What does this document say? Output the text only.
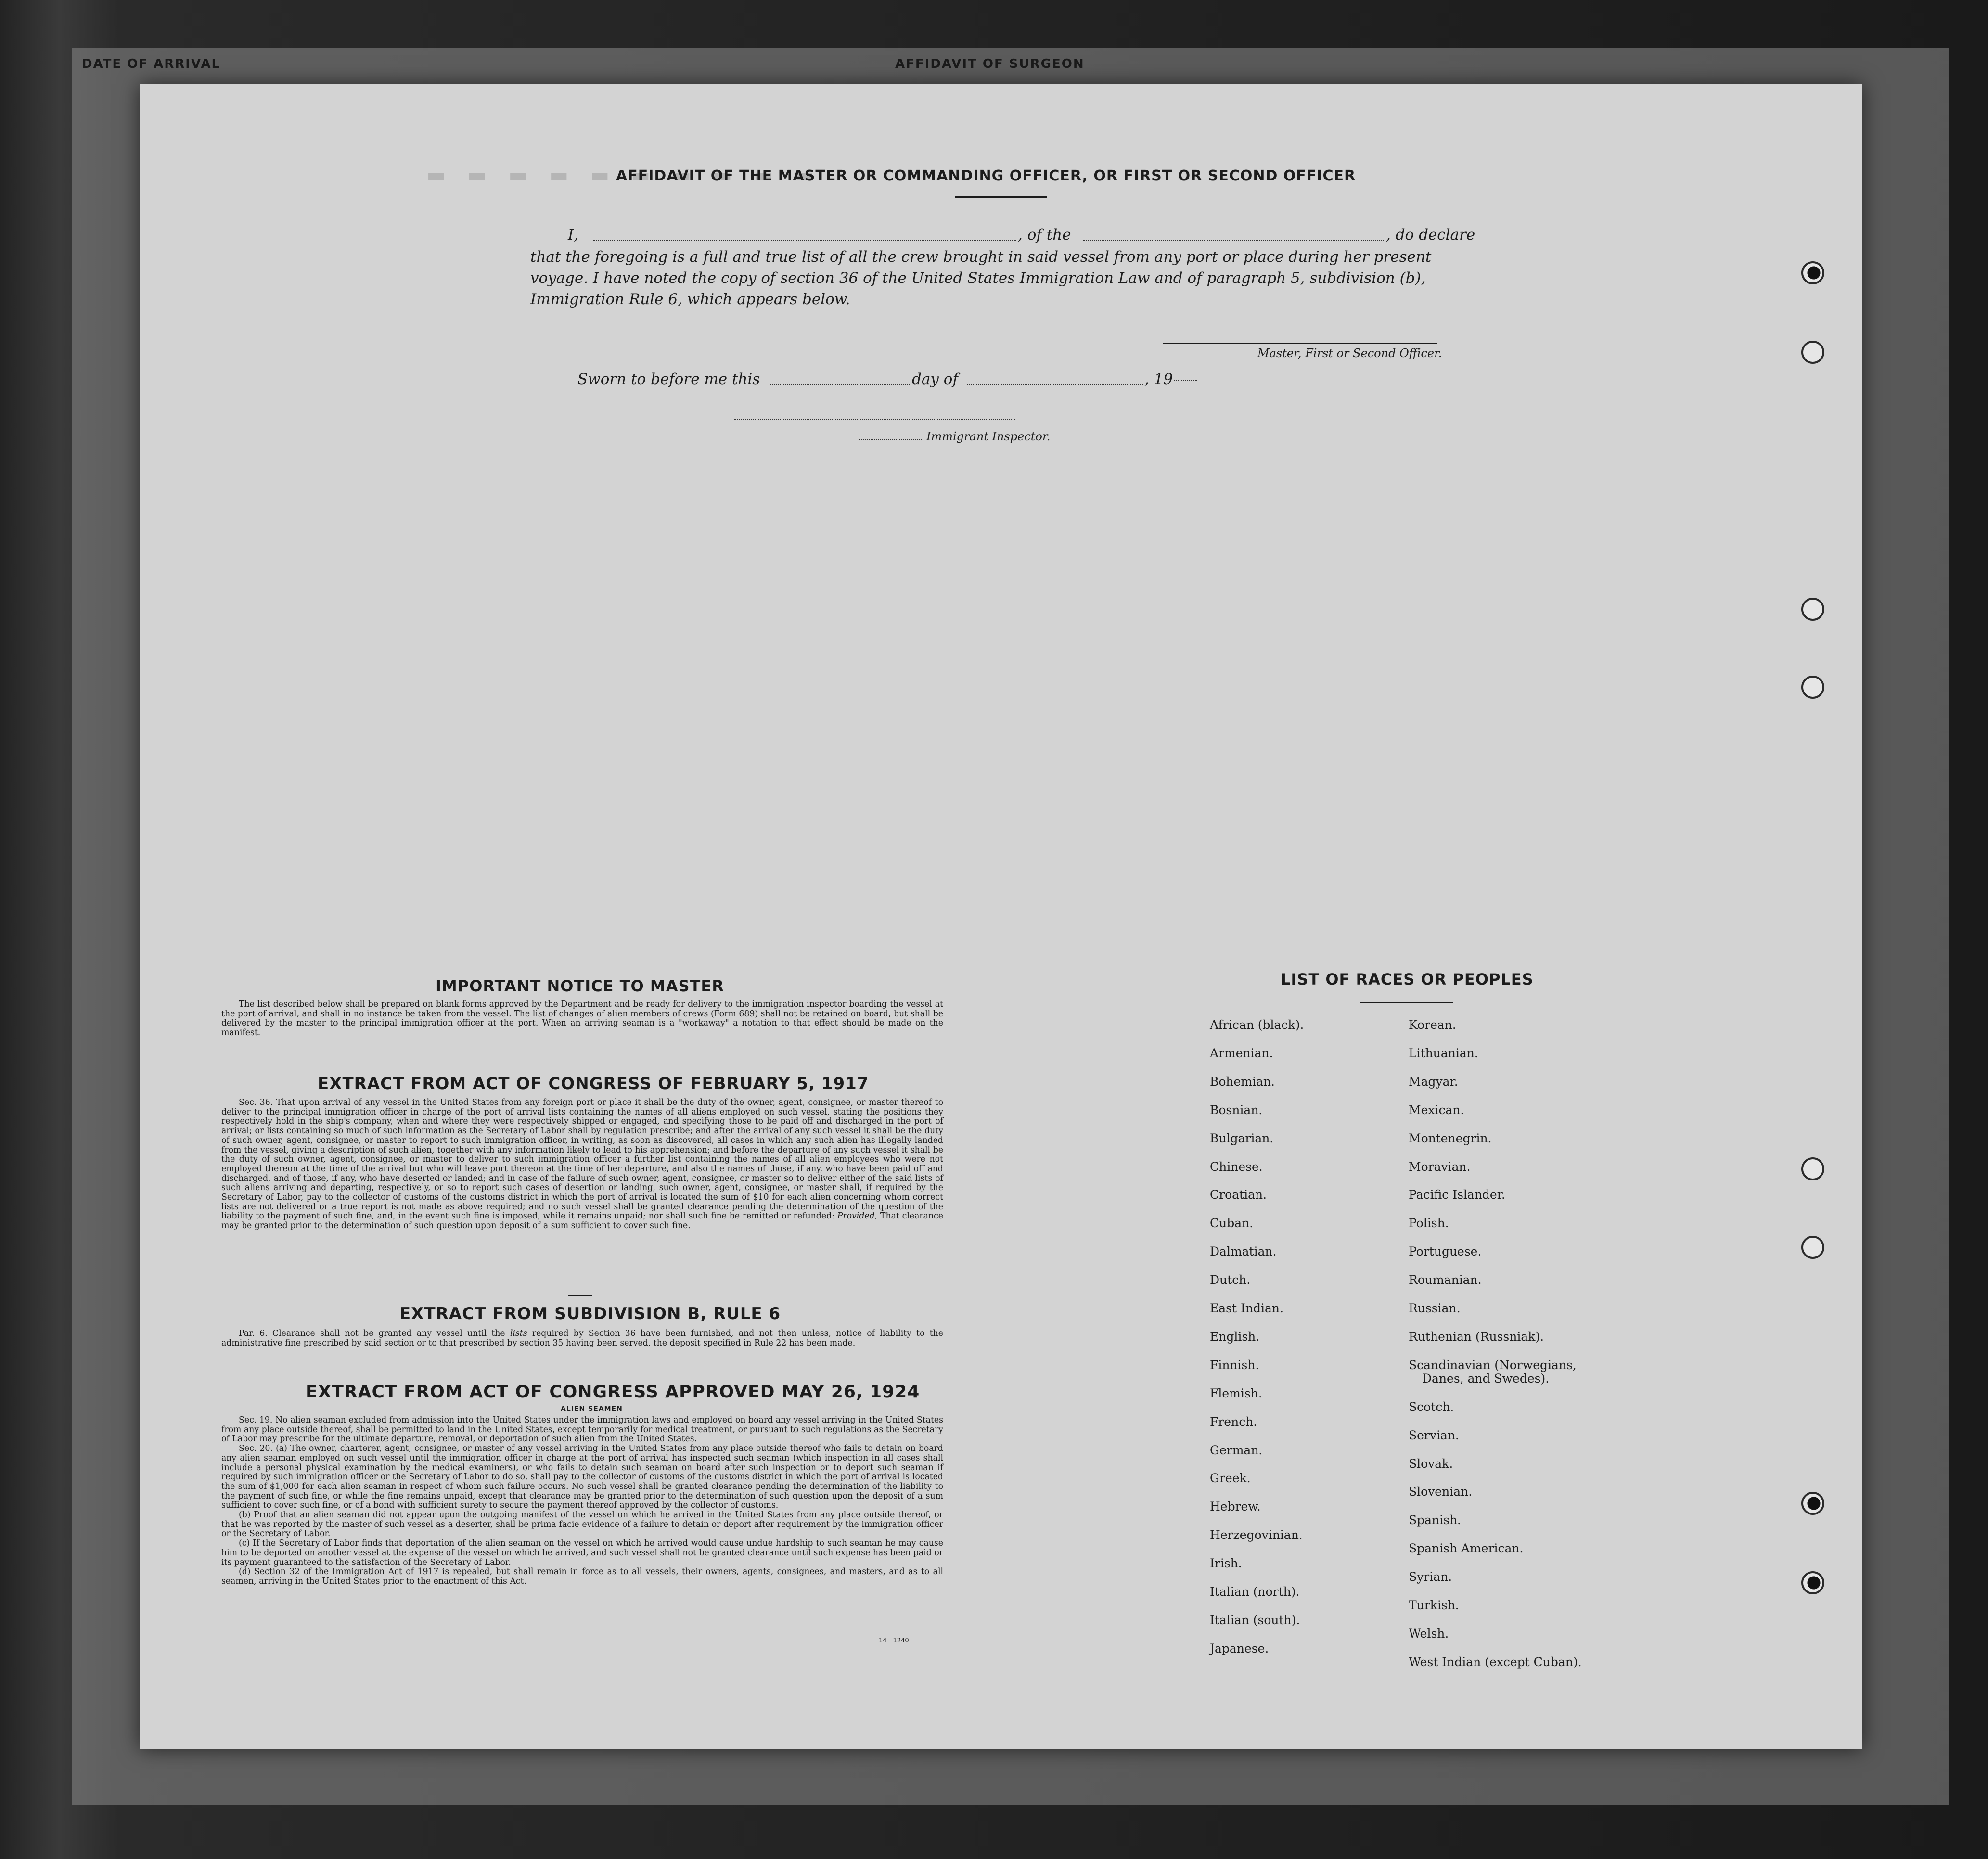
DATE OF ARRIVAL	AFFIDAVIT OF SURGEON
▬ ▬ ▬ ▬ ▬ ▬ ▬ ▬ ▬ ▬
AFFIDAVIT OF THE MASTER OR COMMANDING OFFICER, OR FIRST OR SECOND OFFICER
I,	, of the	, do declare
that the foregoing is a full and true list of all the crew brought in said vessel from any port or place during her present voyage. I have noted the copy of section 36 of the United States Immigration Law and of paragraph 5, subdivision (b), Immigration Rule 6, which appears below.
Master, First or Second Officer.
Sworn to before me this	day of	, 19
Immigrant Inspector.
IMPORTANT NOTICE TO MASTER

The list described below shall be prepared on blank forms approved by the Department and be ready for delivery to the immigration inspector boarding the vessel at the port of arrival, and shall in no instance be taken from the vessel. The list of changes of alien members of crews (Form 689) shall not be retained on board, but shall be delivered by the master to the principal immigration officer at the port. When an arriving seaman is a "workaway" a notation to that effect should be made on the manifest.

EXTRACT FROM ACT OF CONGRESS OF FEBRUARY 5, 1917

Sec. 36. That upon arrival of any vessel in the United States from any foreign port or place it shall be the duty of the owner, agent, consignee, or master thereof to deliver to the principal immigration officer in charge of the port of arrival lists containing the names of all aliens employed on such vessel, stating the positions they respectively hold in the ship's company, when and where they were respectively shipped or engaged, and specifying those to be paid off and discharged in the port of arrival; or lists containing so much of such information as the Secretary of Labor shall by regulation prescribe; and after the arrival of any such vessel it shall be the duty of such owner, agent, consignee, or master to report to such immigration officer, in writing, as soon as discovered, all cases in which any such alien has illegally landed from the vessel, giving a description of such alien, together with any information likely to lead to his apprehension; and before the departure of any such vessel it shall be the duty of such owner, agent, consignee, or master to deliver to such immigration officer a further list containing the names of all alien employees who were not employed thereon at the time of the arrival but who will leave port thereon at the time of her departure, and also the names of those, if any, who have been paid off and discharged, and of those, if any, who have deserted or landed; and in case of the failure of such owner, agent, consignee, or master so to deliver either of the said lists of such aliens arriving and departing, respectively, or so to report such cases of desertion or landing, such owner, agent, consignee, or master shall, if required by the Secretary of Labor, pay to the collector of customs of the customs district in which the port of arrival is located the sum of $10 for each alien concerning whom correct lists are not delivered or a true report is not made as above required; and no such vessel shall be granted clearance pending the determination of the question of the liability to the payment of such fine, and, in the event such fine is imposed, while it remains unpaid; nor shall such fine be remitted or refunded: Provided, That clearance may be granted prior to the determination of such question upon deposit of a sum sufficient to cover such fine.

EXTRACT FROM SUBDIVISION B, RULE 6

Par. 6. Clearance shall not be granted any vessel until the lists required by Section 36 have been furnished, and not then unless, notice of liability to the administrative fine prescribed by said section or to that prescribed by section 35 having been served, the deposit specified in Rule 22 has been made.

EXTRACT FROM ACT OF CONGRESS APPROVED MAY 26, 1924
ALIEN SEAMEN

Sec. 19. No alien seaman excluded from admission into the United States under the immigration laws and employed on board any vessel arriving in the United States from any place outside thereof, shall be permitted to land in the United States, except temporarily for medical treatment, or pursuant to such regulations as the Secretary of Labor may prescribe for the ultimate departure, removal, or deportation of such alien from the United States.

Sec. 20. (a) The owner, charterer, agent, consignee, or master of any vessel arriving in the United States from any place outside thereof who fails to detain on board any alien seaman employed on such vessel until the immigration officer in charge at the port of arrival has inspected such seaman (which inspection in all cases shall include a personal physical examination by the medical examiners), or who fails to detain such seaman on board after such inspection or to deport such seaman if required by such immigration officer or the Secretary of Labor to do so, shall pay to the collector of customs of the customs district in which the port of arrival is located the sum of $1,000 for each alien seaman in respect of whom such failure occurs. No such vessel shall be granted clearance pending the determination of the liability to the payment of such fine, or while the fine remains unpaid, except that clearance may be granted prior to the determination of such question upon the deposit of a sum sufficient to cover such fine, or of a bond with sufficient surety to secure the payment thereof approved by the collector of customs.

(b) Proof that an alien seaman did not appear upon the outgoing manifest of the vessel on which he arrived in the United States from any place outside thereof, or that he was reported by the master of such vessel as a deserter, shall be prima facie evidence of a failure to detain or deport after requirement by the immigration officer or the Secretary of Labor.

(c) If the Secretary of Labor finds that deportation of the alien seaman on the vessel on which he arrived would cause undue hardship to such seaman he may cause him to be deported on another vessel at the expense of the vessel on which he arrived, and such vessel shall not be granted clearance until such expense has been paid or its payment guaranteed to the satisfaction of the Secretary of Labor.

(d) Section 32 of the Immigration Act of 1917 is repealed, but shall remain in force as to all vessels, their owners, agents, consignees, and masters, and as to all seamen, arriving in the United States prior to the enactment of this Act.

14—1240
LIST OF RACES OR PEOPLES
African (black).
Armenian.
Bohemian.
Bosnian.
Bulgarian.
Chinese.
Croatian.
Cuban.
Dalmatian.
Dutch.
East Indian.
English.
Finnish.
Flemish.
French.
German.
Greek.
Hebrew.
Herzegovinian.
Irish.
Italian (north).
Italian (south).
Japanese.
Korean.
Lithuanian.
Magyar.
Mexican.
Montenegrin.
Moravian.
Pacific Islander.
Polish.
Portuguese.
Roumanian.
Russian.
Ruthenian (Russniak).
Scandinavian (Norwegians,
Danes, and Swedes).
Scotch.
Servian.
Slovak.
Slovenian.
Spanish.
Spanish American.
Syrian.
Turkish.
Welsh.
West Indian (except Cuban).
